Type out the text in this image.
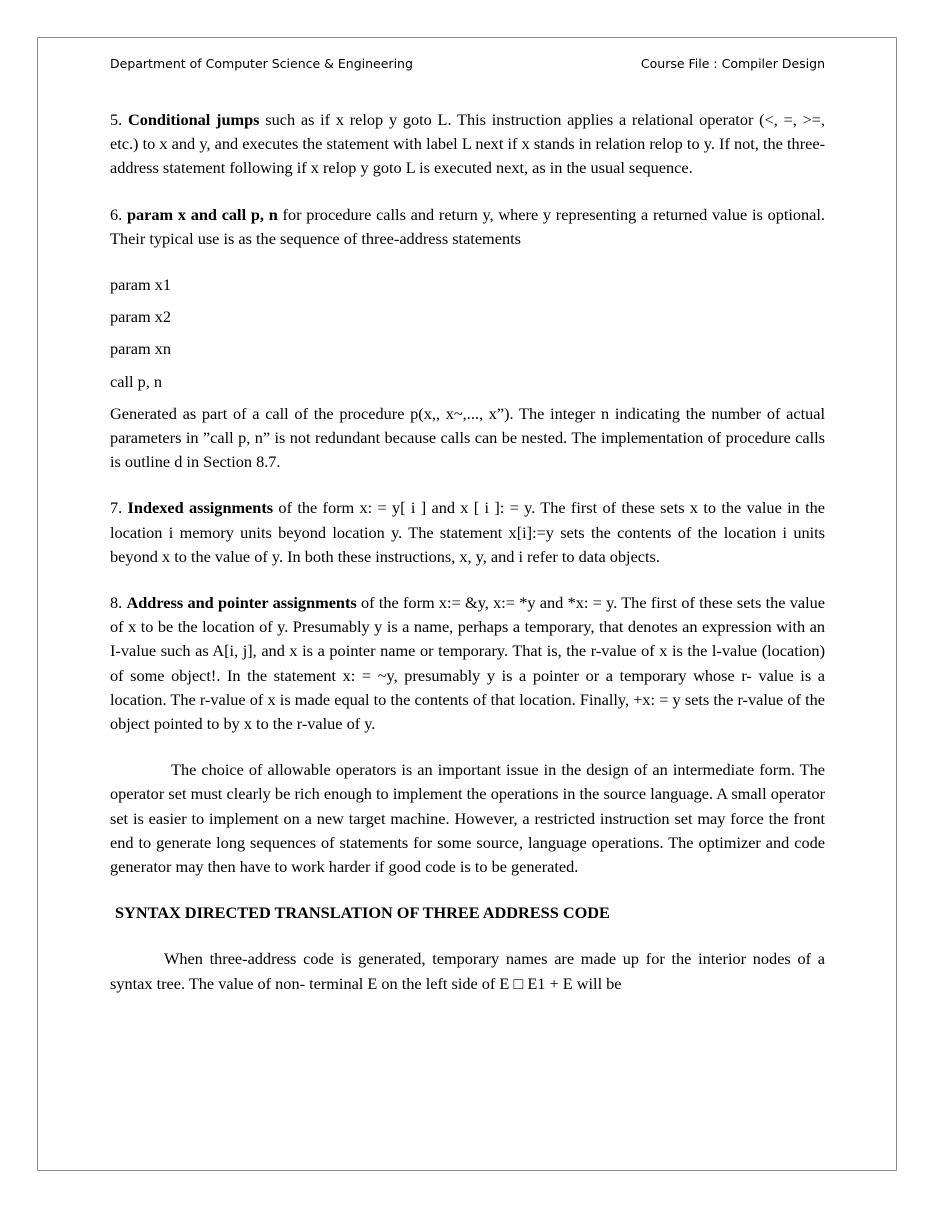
Department of Computer Science & Engineering	Course File : Compiler Design

5. Conditional jumps such as if x relop y goto L. This instruction applies a relational operator (<, =, >=, etc.) to x and y, and executes the statement with label L next if x stands in relation relop to y. If not, the three-address statement following if x relop y goto L is executed next, as in the usual sequence.

6. param x and call p, n for procedure calls and return y, where y representing a returned value is optional. Their typical use is as the sequence of three-address statements

param x1

param x2

param xn

call p, n

Generated as part of a call of the procedure p(x,, x~,..., x”). The integer n indicating the number of actual parameters in ”call p, n” is not redundant because calls can be nested. The implementation of procedure calls is outline d in Section 8.7.

7. Indexed assignments of the form x: = y[ i ] and x [ i ]: = y. The first of these sets x to the value in the location i memory units beyond location y. The statement x[i]:=y sets the contents of the location i units beyond x to the value of y. In both these instructions, x, y, and i refer to data objects.

8. Address and pointer assignments of the form x:= &y, x:= *y and *x: = y. The first of these sets the value of x to be the location of y. Presumably y is a name, perhaps a temporary, that denotes an expression with an I-value such as A[i, j], and x is a pointer name or temporary. That is, the r-value of x is the l-value (location) of some object!. In the statement x: = ~y, presumably y is a pointer or a temporary whose r- value is a location. The r-value of x is made equal to the contents of that location. Finally, +x: = y sets the r-value of the object pointed to by x to the r-value of y.

The choice of allowable operators is an important issue in the design of an intermediate form. The operator set must clearly be rich enough to implement the operations in the source language. A small operator set is easier to implement on a new target machine. However, a restricted instruction set may force the front end to generate long sequences of statements for some source, language operations. The optimizer and code generator may then have to work harder if good code is to be generated.

SYNTAX DIRECTED TRANSLATION OF THREE ADDRESS CODE

When three-address code is generated, temporary names are made up for the interior nodes of a syntax tree. The value of non- terminal E on the left side of E □ E1 + E will be
